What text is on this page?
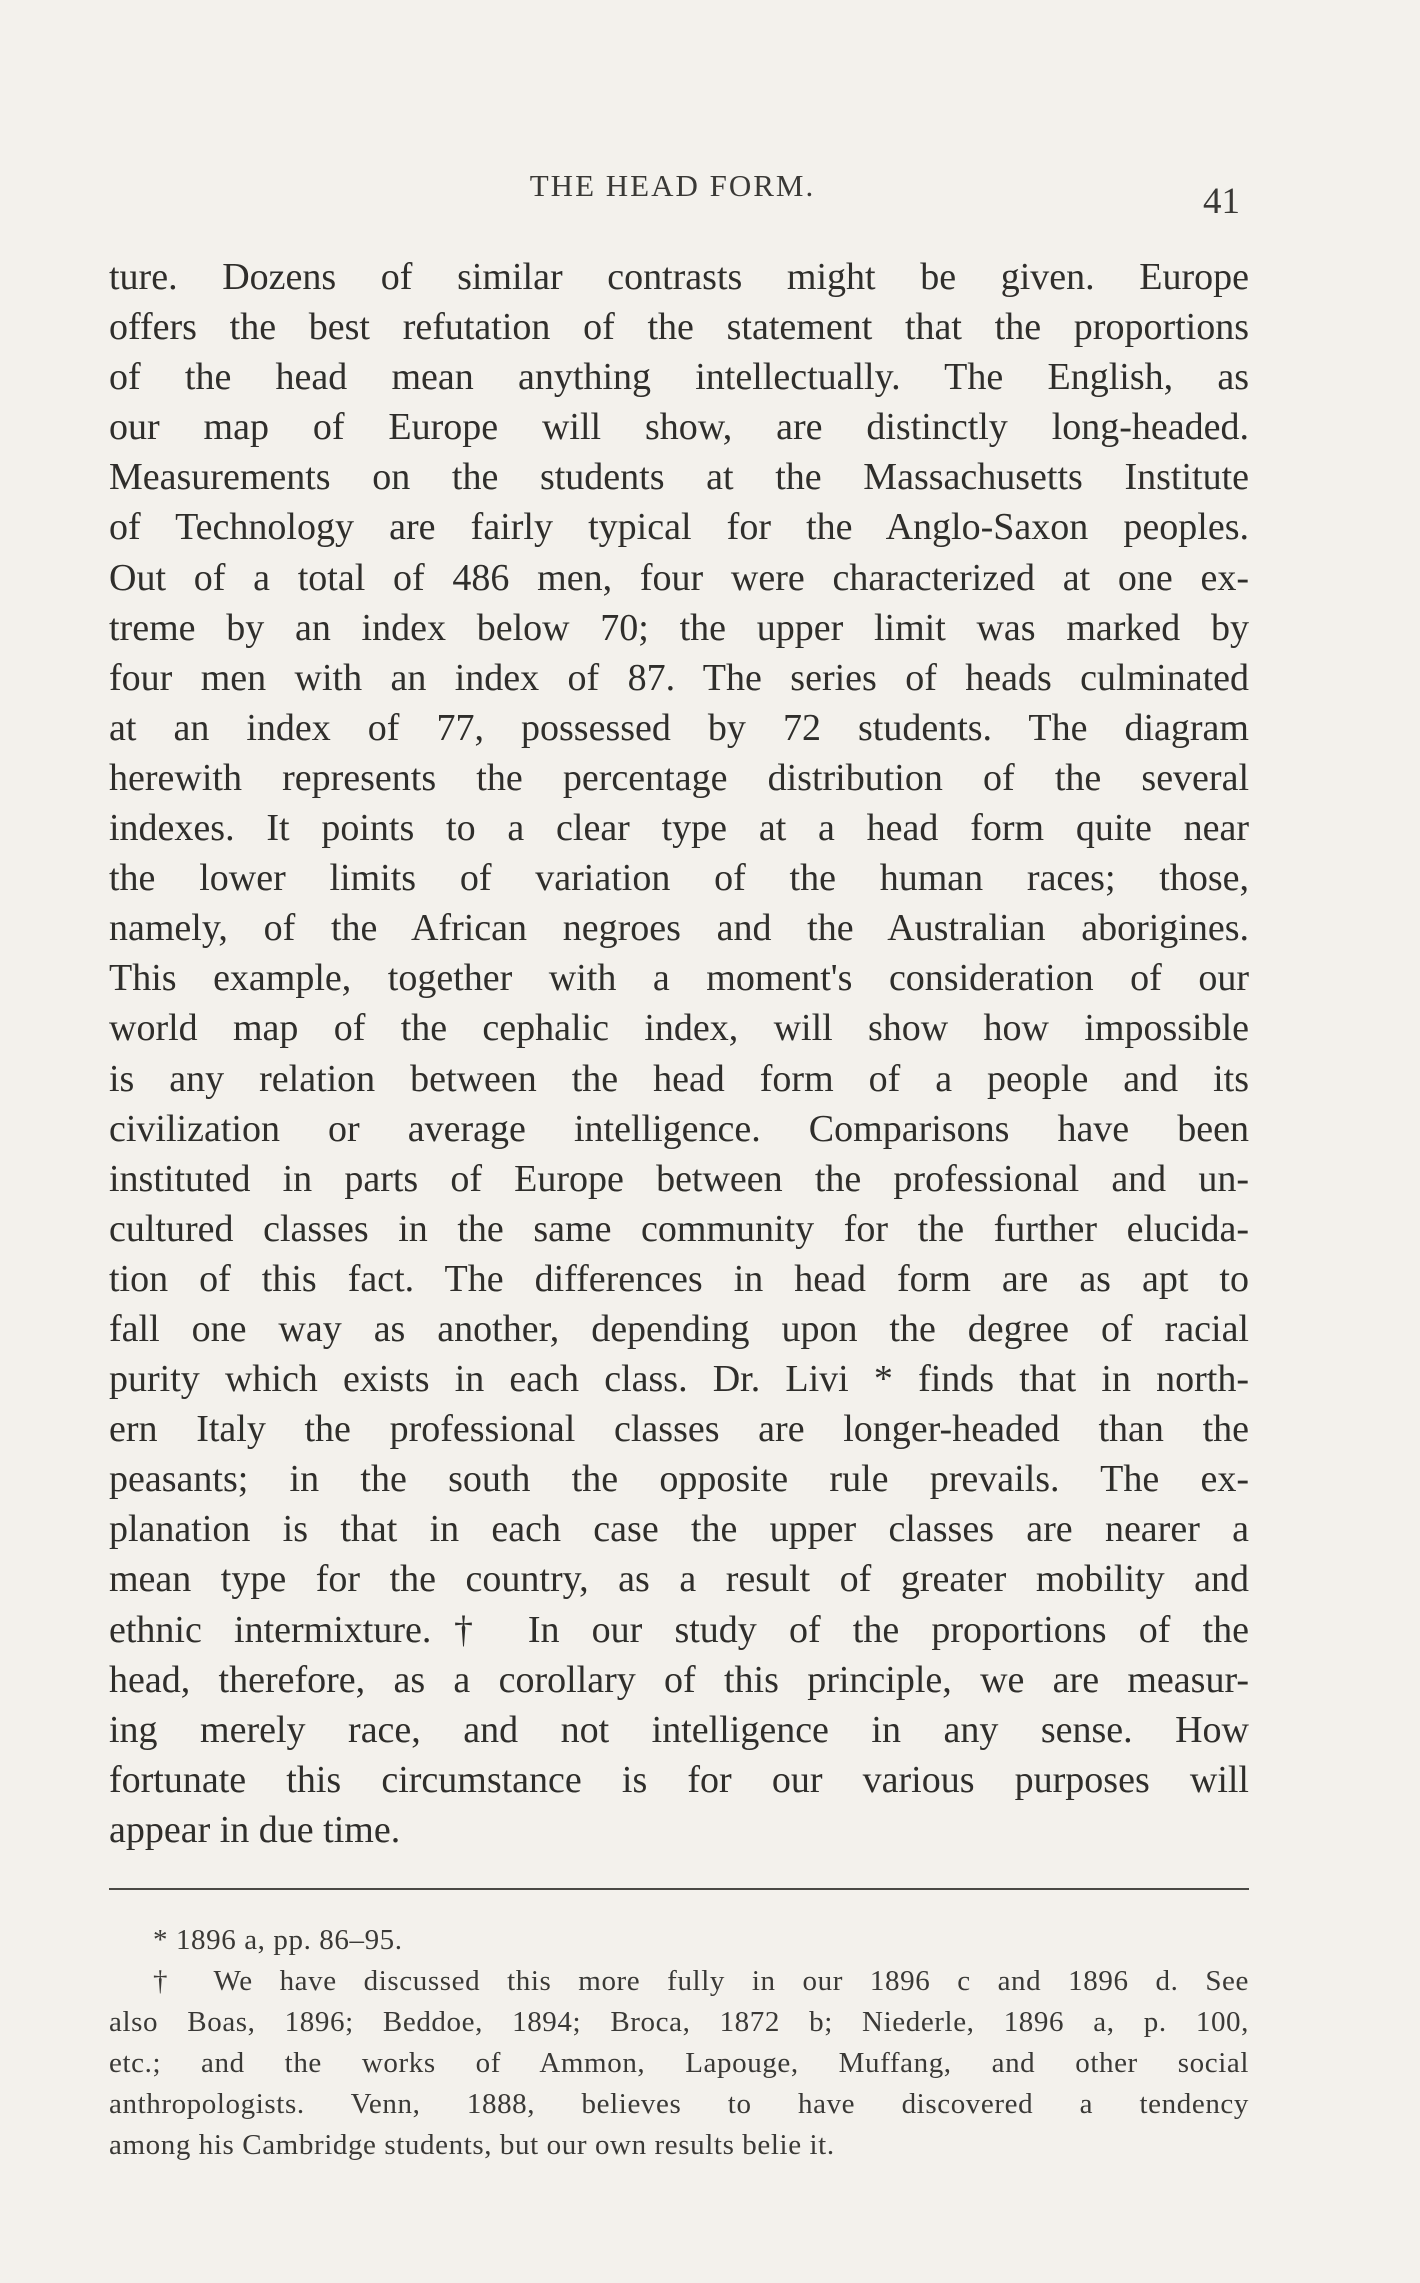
THE HEAD FORM.	41
ture. Dozens of similar contrasts might be given. Europe
offers the best refutation of the statement that the proportions
of the head mean anything intellectually. The English, as
our map of Europe will show, are distinctly long-headed.
Measurements on the students at the Massachusetts Institute
of Technology are fairly typical for the Anglo-Saxon peoples.
Out of a total of 486 men, four were characterized at one ex-
treme by an index below 70; the upper limit was marked by
four men with an index of 87. The series of heads culminated
at an index of 77, possessed by 72 students. The diagram
herewith represents the percentage distribution of the several
indexes. It points to a clear type at a head form quite near
the lower limits of variation of the human races; those,
namely, of the African negroes and the Australian aborigines.
This example, together with a moment's consideration of our
world map of the cephalic index, will show how impossible
is any relation between the head form of a people and its
civilization or average intelligence. Comparisons have been
instituted in parts of Europe between the professional and un-
cultured classes in the same community for the further elucida-
tion of this fact. The differences in head form are as apt to
fall one way as another, depending upon the degree of racial
purity which exists in each class. Dr. Livi * finds that in north-
ern Italy the professional classes are longer-headed than the
peasants; in the south the opposite rule prevails. The ex-
planation is that in each case the upper classes are nearer a
mean type for the country, as a result of greater mobility and
ethnic intermixture.† In our study of the proportions of the
head, therefore, as a corollary of this principle, we are measur-
ing merely race, and not intelligence in any sense. How
fortunate this circumstance is for our various purposes will
appear in due time.
* 1896 a, pp. 86–95.
† We have discussed this more fully in our 1896 c and 1896 d. See
also Boas, 1896; Beddoe, 1894; Broca, 1872 b; Niederle, 1896 a, p. 100,
etc.; and the works of Ammon, Lapouge, Muffang, and other social
anthropologists. Venn, 1888, believes to have discovered a tendency
among his Cambridge students, but our own results belie it.
